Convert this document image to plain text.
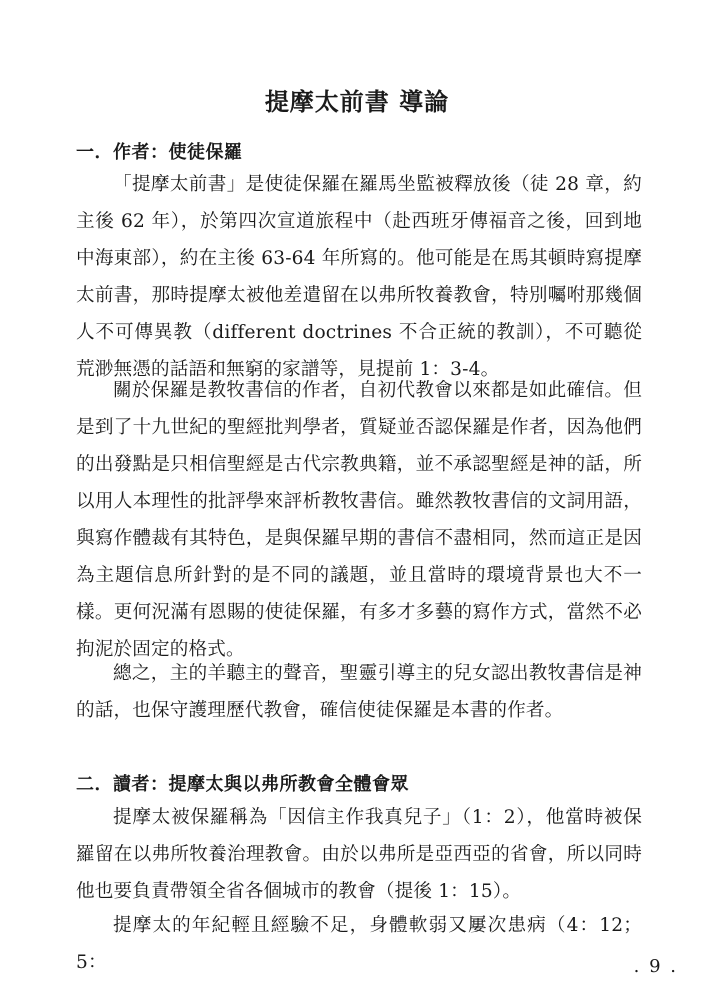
提摩太前書 導論
一．作者：使徒保羅
「提摩太前書」是使徒保羅在羅馬坐監被釋放後（徒 28 章，約主後 62 年），於第四次宣道旅程中（赴西班牙傳福音之後，回到地中海東部），約在主後 63-64 年所寫的。他可能是在馬其頓時寫提摩太前書，那時提摩太被他差遣留在以弗所牧養教會，特別囑咐那幾個人不可傳異教（different doctrines 不合正統的教訓），不可聽從荒渺無憑的話語和無窮的家譜等，見提前 1：3-4。
關於保羅是教牧書信的作者，自初代教會以來都是如此確信。但是到了十九世紀的聖經批判學者，質疑並否認保羅是作者，因為他們的出發點是只相信聖經是古代宗教典籍，並不承認聖經是神的話，所以用人本理性的批評學來評析教牧書信。雖然教牧書信的文詞用語，與寫作體裁有其特色，是與保羅早期的書信不盡相同，然而這正是因為主題信息所針對的是不同的議題，並且當時的環境背景也大不一樣。更何況滿有恩賜的使徒保羅，有多才多藝的寫作方式，當然不必拘泥於固定的格式。
總之，主的羊聽主的聲音，聖靈引導主的兒女認出教牧書信是神的話，也保守護理歷代教會，確信使徒保羅是本書的作者。
二．讀者：提摩太與以弗所教會全體會眾
提摩太被保羅稱為「因信主作我真兒子」（1：2），他當時被保羅留在以弗所牧養治理教會。由於以弗所是亞西亞的省會，所以同時他也要負責帶領全省各個城市的教會（提後 1：15）。
提摩太的年紀輕且經驗不足，身體軟弱又屢次患病（4：12；5：	. 9 .
